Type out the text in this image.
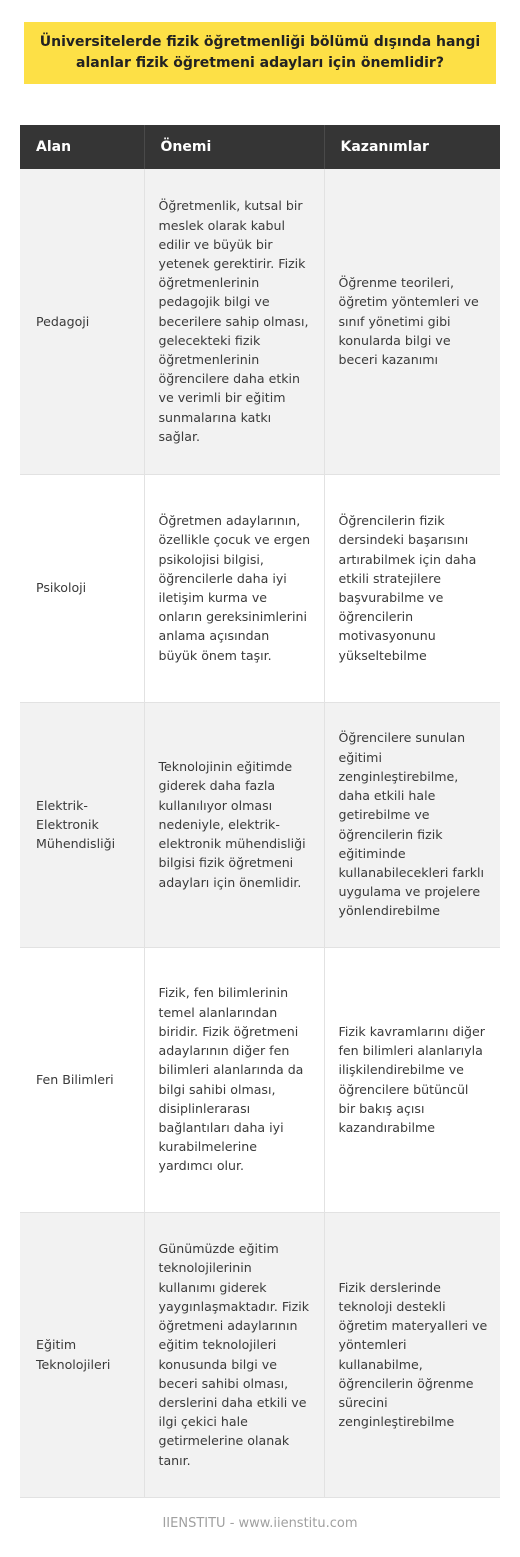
Üniversitelerde fizik öğretmenliği bölümü dışında hangi alanlar fizik öğretmeni adayları için önemlidir?
Alan	Önemi	Kazanımlar
Pedagoji	Öğretmenlik, kutsal bir meslek olarak kabul edilir ve büyük bir yetenek gerektirir. Fizik öğretmenlerinin pedagojik bilgi ve becerilere sahip olması, gelecekteki fizik öğretmenlerinin öğrencilere daha etkin ve verimli bir eğitim sunmalarına katkı sağlar.	Öğrenme teorileri, öğretim yöntemleri ve sınıf yönetimi gibi konularda bilgi ve beceri kazanımı
Psikoloji	Öğretmen adaylarının, özellikle çocuk ve ergen psikolojisi bilgisi, öğrencilerle daha iyi iletişim kurma ve onların gereksinimlerini anlama açısından büyük önem taşır.	Öğrencilerin fizik dersindeki başarısını artırabilmek için daha etkili stratejilere başvurabilme ve öğrencilerin motivasyonunu yükseltebilme
Elektrik-Elektronik Mühendisliği	Teknolojinin eğitimde giderek daha fazla kullanılıyor olması nedeniyle, elektrik-elektronik mühendisliği bilgisi fizik öğretmeni adayları için önemlidir.	Öğrencilere sunulan eğitimi zenginleştirebilme, daha etkili hale getirebilme ve öğrencilerin fizik eğitiminde kullanabilecekleri farklı uygulama ve projelere yönlendirebilme
Fen Bilimleri	Fizik, fen bilimlerinin temel alanlarından biridir. Fizik öğretmeni adaylarının diğer fen bilimleri alanlarında da bilgi sahibi olması, disiplinlerarası bağlantıları daha iyi kurabilmelerine yardımcı olur.	Fizik kavramlarını diğer fen bilimleri alanlarıyla ilişkilendirebilme ve öğrencilere bütüncül bir bakış açısı kazandırabilme
Eğitim Teknolojileri	Günümüzde eğitim teknolojilerinin kullanımı giderek yaygınlaşmaktadır. Fizik öğretmeni adaylarının eğitim teknolojileri konusunda bilgi ve beceri sahibi olması, derslerini daha etkili ve ilgi çekici hale getirmelerine olanak tanır.	Fizik derslerinde teknoloji destekli öğretim materyalleri ve yöntemleri kullanabilme, öğrencilerin öğrenme sürecini zenginleştirebilme
IIENSTITU - www.iienstitu.com
